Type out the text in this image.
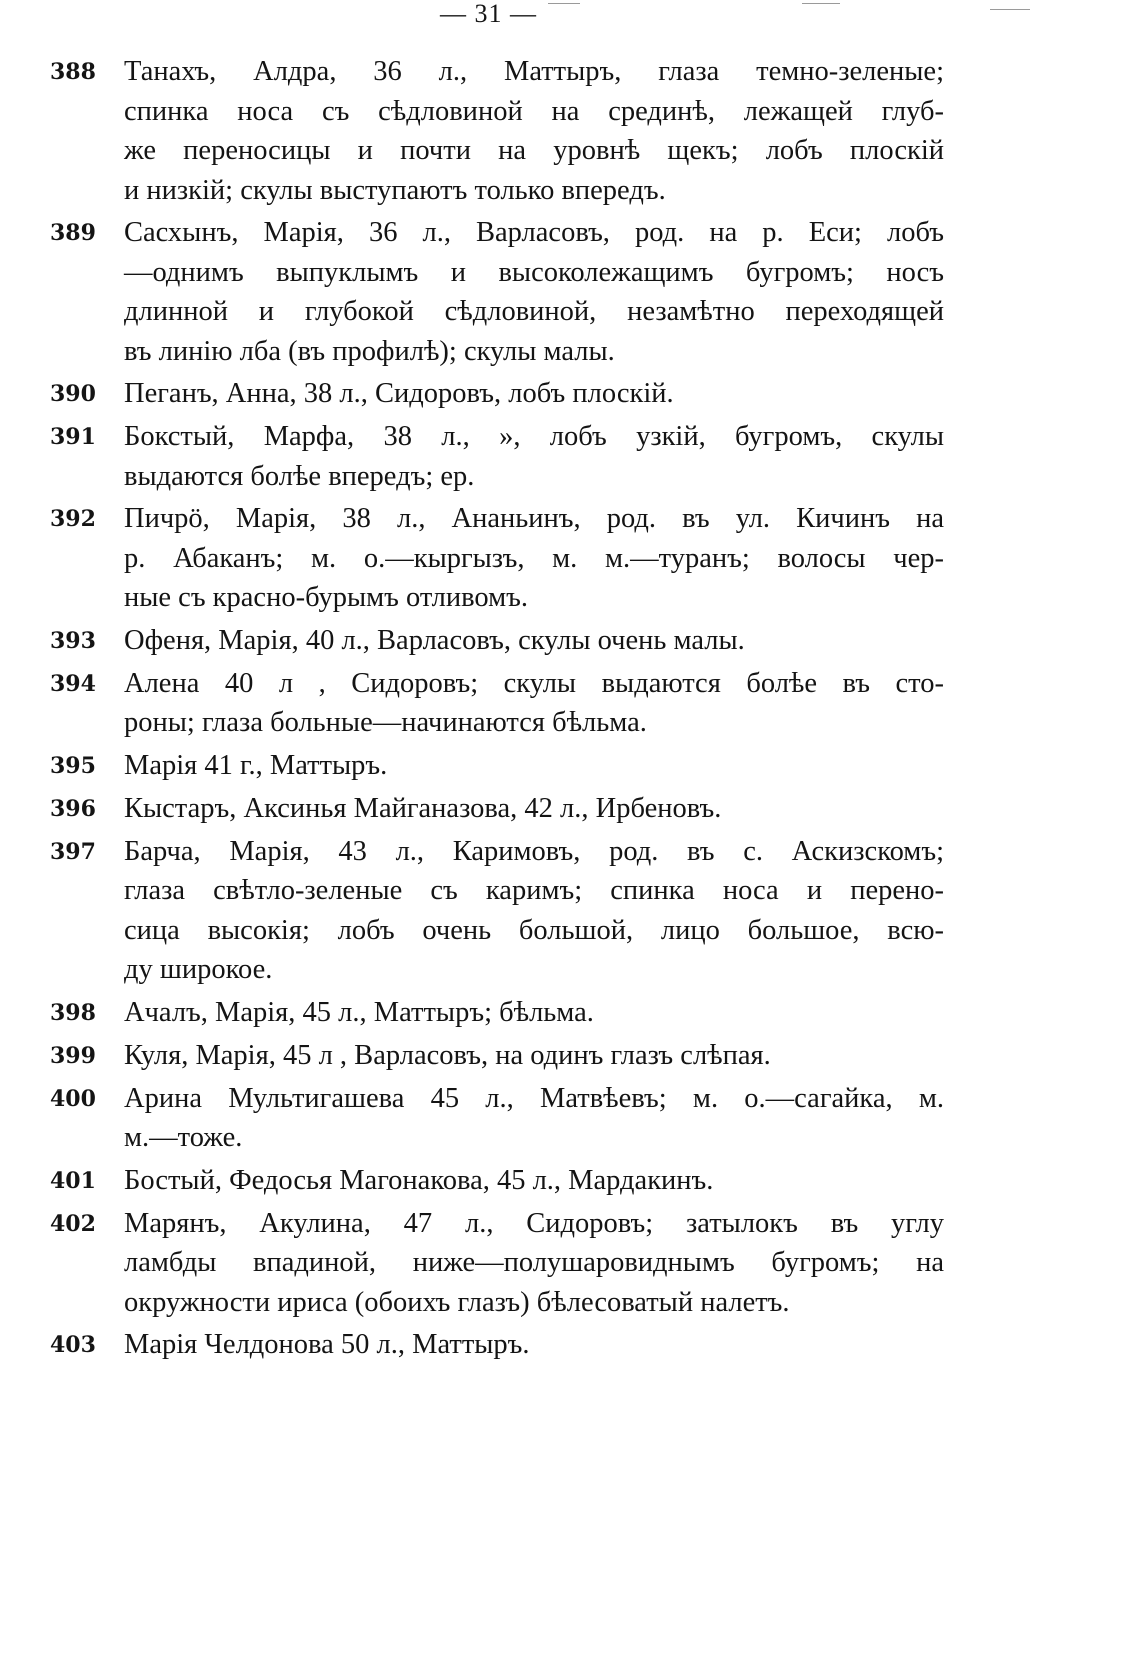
— 31 —
388 Танахъ, Алдра, 36 л., Маттыръ, глаза темно-зеленые;
спинка носа съ сѣдловиной на срединѣ, лежащей глуб-
же переносицы и почти на уровнѣ щекъ; лобъ плоскій
и низкій; скулы выступаютъ только впередъ.
389 Сасхынъ, Марія, 36 л., Варласовъ, род. на р. Еси; лобъ
—однимъ выпуклымъ и высоколежащимъ бугромъ; носъ
длинной и глубокой сѣдловиной, незамѣтно переходящей
въ линію лба (въ профилѣ); скулы малы.
390 Пеганъ, Анна, 38 л., Сидоровъ, лобъ плоскій.
391 Бокстый, Марфа, 38 л., », лобъ узкій, бугромъ, скулы
выдаются болѣе впередъ; ер.
392 Пичрö, Марія, 38 л., Ананьинъ, род. въ ул. Кичинъ на
р. Абаканъ; м. о.—кыргызъ, м. м.—туранъ; волосы чер-
ные съ красно-бурымъ отливомъ.
393 Офеня, Марія, 40 л., Варласовъ, скулы очень малы.
394 Алена 40 л , Сидоровъ; скулы выдаются болѣе въ сто-
роны; глаза больные—начинаются бѣльма.
395 Марія 41 г., Маттыръ.
396 Кыстаръ, Аксинья Майганазова, 42 л., Ирбеновъ.
397 Барча, Марія, 43 л., Каримовъ, род. въ с. Аскизскомъ;
глаза свѣтло-зеленые съ каримъ; спинка носа и перено-
сица высокія; лобъ очень большой, лицо большое, всю-
ду широкое.
398 Ачалъ, Марія, 45 л., Маттыръ; бѣльма.
399 Куля, Марія, 45 л , Варласовъ, на одинъ глазъ слѣпая.
400 Арина Мультигашева 45 л., Матвѣевъ; м. о.—сагайка, м.
м.—тоже.
401 Бостый, Федосья Магонакова, 45 л., Мардакинъ.
402 Марянъ, Акулина, 47 л., Сидоровъ; затылокъ въ углу
ламбды впадиной, ниже—полушаровиднымъ бугромъ; на
окружности ириса (обоихъ глазъ) бѣлесоватый налетъ.
403 Марія Челдонова 50 л., Маттыръ.
